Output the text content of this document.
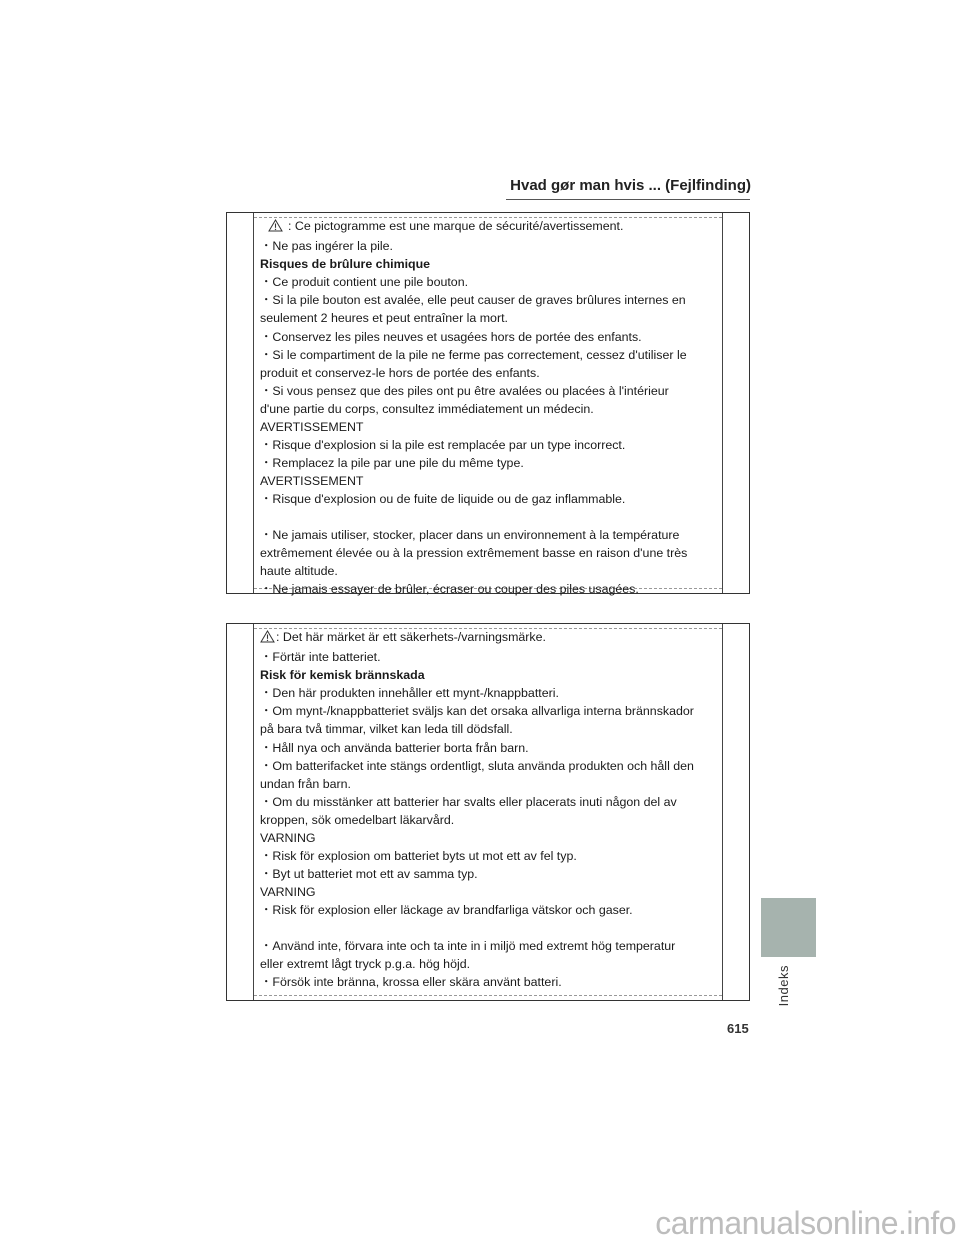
Hvad gør man hvis ... (Fejlfinding)
: Ce pictogramme est une marque de sécurité/avertissement.
・Ne pas ingérer la pile.
Risques de brûlure chimique
・Ce produit contient une pile bouton.
・Si la pile bouton est avalée, elle peut causer de graves brûlures internes en
seulement 2 heures et peut entraîner la mort.
・Conservez les piles neuves et usagées hors de portée des enfants.
・Si le compartiment de la pile ne ferme pas correctement, cessez d'utiliser le
produit et conservez-le hors de portée des enfants.
・Si vous pensez que des piles ont pu être avalées ou placées à l'intérieur
d'une partie du corps, consultez immédiatement un médecin.
AVERTISSEMENT
・Risque d'explosion si la pile est remplacée par un type incorrect.
・Remplacez la pile par une pile du même type.
AVERTISSEMENT
・Risque d'explosion ou de fuite de liquide ou de gaz inflammable.
・Ne jamais utiliser, stocker, placer dans un environnement à la température
extrêmement élevée ou à la pression extrêmement basse en raison d'une très
haute altitude.
・Ne jamais essayer de brûler, écraser ou couper des piles usagées.
: Det här märket är ett säkerhets-/varningsmärke.
・Förtär inte batteriet.
Risk för kemisk brännskada
・Den här produkten innehåller ett mynt-/knappbatteri.
・Om mynt-/knappbatteriet sväljs kan det orsaka allvarliga interna brännskador
på bara två timmar, vilket kan leda till dödsfall.
・Håll nya och använda batterier borta från barn.
・Om batterifacket inte stängs ordentligt, sluta använda produkten och håll den
undan från barn.
・Om du misstänker att batterier har svalts eller placerats inuti någon del av
kroppen, sök omedelbart läkarvård.
VARNING
・Risk för explosion om batteriet byts ut mot ett av fel typ.
・Byt ut batteriet mot ett av samma typ.
VARNING
・Risk för explosion eller läckage av brandfarliga vätskor och gaser.
・Använd inte, förvara inte och ta inte in i miljö med extremt hög temperatur
eller extremt lågt tryck p.g.a. hög höjd.
・Försök inte bränna, krossa eller skära använt batteri.	Indeks
615
carmanualsonline.info
